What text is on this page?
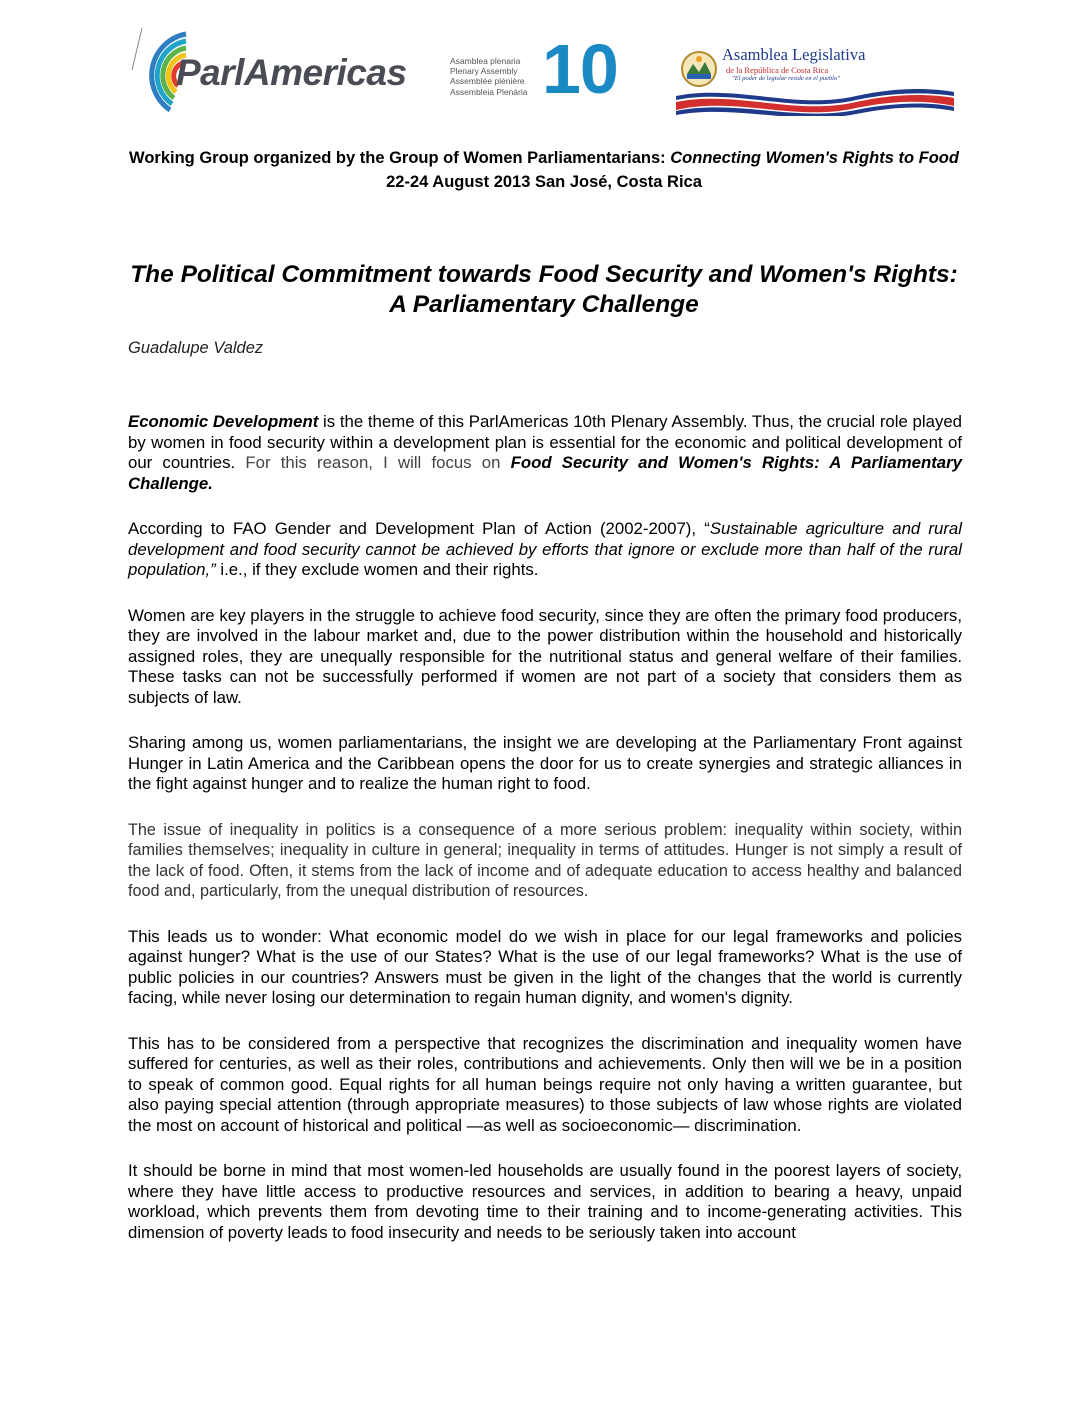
ParlAmericas	Asamblea plenaria
Plenary Assembly
Assemblée plénière
Assembleia Plenária 10	Asamblea Legislativa
de la República de Costa Rica
"El poder de legislar reside en el pueblo"
Working Group organized by the Group of Women Parliamentarians: Connecting Women's Rights to Food
22-24 August 2013 San José, Costa Rica
The Political Commitment towards Food Security and Women's Rights: A Parliamentary Challenge
Guadalupe Valdez

Economic Development is the theme of this ParlAmericas 10th Plenary Assembly. Thus, the crucial role played by women in food security within a development plan is essential for the economic and political development of our countries. For this reason, I will focus on Food Security and Women's Rights: A Parliamentary Challenge.

According to FAO Gender and Development Plan of Action (2002-2007), “Sustainable agriculture and rural development and food security cannot be achieved by efforts that ignore or exclude more than half of the rural population,” i.e., if they exclude women and their rights.

Women are key players in the struggle to achieve food security, since they are often the primary food producers, they are involved in the labour market and, due to the power distribution within the household and historically assigned roles, they are unequally responsible for the nutritional status and general welfare of their families. These tasks can not be successfully performed if women are not part of a society that considers them as subjects of law.

Sharing among us, women parliamentarians, the insight we are developing at the Parliamentary Front against Hunger in Latin America and the Caribbean opens the door for us to create synergies and strategic alliances in the fight against hunger and to realize the human right to food.

The issue of inequality in politics is a consequence of a more serious problem: inequality within society, within families themselves; inequality in culture in general; inequality in terms of attitudes. Hunger is not simply a result of the lack of food. Often, it stems from the lack of income and of adequate education to access healthy and balanced food and, particularly, from the unequal distribution of resources.

This leads us to wonder: What economic model do we wish in place for our legal frameworks and policies against hunger? What is the use of our States? What is the use of our legal frameworks? What is the use of public policies in our countries? Answers must be given in the light of the changes that the world is currently facing, while never losing our determination to regain human dignity, and women's dignity.

This has to be considered from a perspective that recognizes the discrimination and inequality women have suffered for centuries, as well as their roles, contributions and achievements. Only then will we be in a position to speak of common good. Equal rights for all human beings require not only having a written guarantee, but also paying special attention (through appropriate measures) to those subjects of law whose rights are violated the most on account of historical and political —as well as socioeconomic— discrimination.

It should be borne in mind that most women-led households are usually found in the poorest layers of society, where they have little access to productive resources and services, in addition to bearing a heavy, unpaid workload, which prevents them from devoting time to their training and to income-generating activities. This dimension of poverty leads to food insecurity and needs to be seriously taken into account
